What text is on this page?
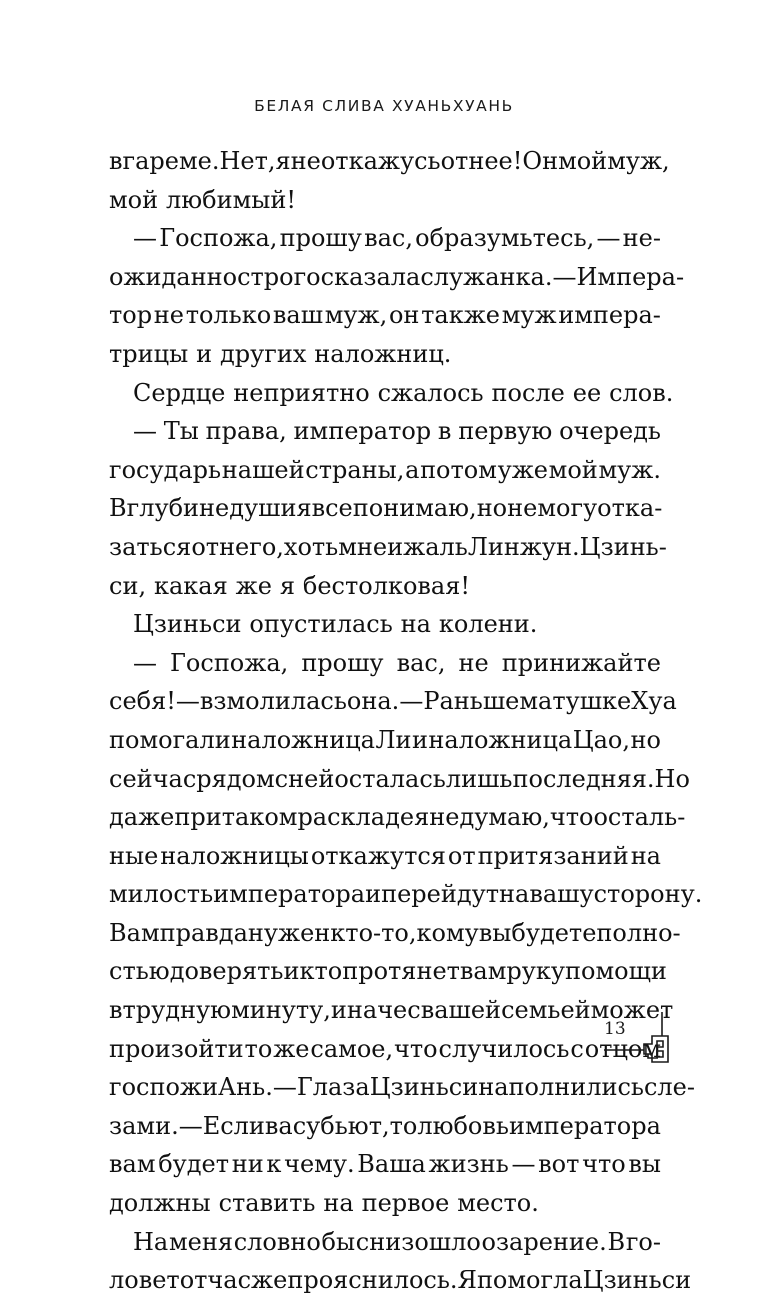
БЕЛАЯ СЛИВА ХУАНЬХУАНЬ
в гареме. Нет, я не откажусь от нее! Он мой муж,
мой любимый!
— Госпожа, прошу вас, образумьтесь, — не-
ожиданно строго сказала служанка. — Импера-
тор не только ваш муж, он также муж импера-
трицы и других наложниц.
Сердце неприятно сжалось после ее слов.
— Ты права, император в первую очередь
государь нашей страны, а потом уже мой муж.
В глубине души я все понимаю, но не могу отка-
заться от него, хоть мне и жаль Линжун. Цзинь-
си, какая же я бестолковая!
Цзиньси опустилась на колени.
— Госпожа, прошу вас, не принижайте
себя! — взмолилась она. — Раньше матушке Хуа
помогали наложница Ли и наложница Цао, но
сейчас рядом с ней осталась лишь последняя. Но
даже при таком раскладе я не думаю, что осталь-
ные наложницы откажутся от притязаний на
милость императора и перейдут на вашу сторону.
Вам правда нужен кто-то, кому вы будете полно-
стью доверять и кто протянет вам руку помощи
в трудную минуту, иначе с вашей семьей может
произойти то же самое, что случилось с отцом
госпожи Ань. — Глаза Цзиньси наполнились сле-
зами. — Если вас убьют, то любовь императора
вам будет ни к чему. Ваша жизнь — вот что вы
должны ставить на первое место.
На меня словно бы снизошло озарение. В го-
лове тотчас же прояснилось. Я помогла Цзиньси
13
